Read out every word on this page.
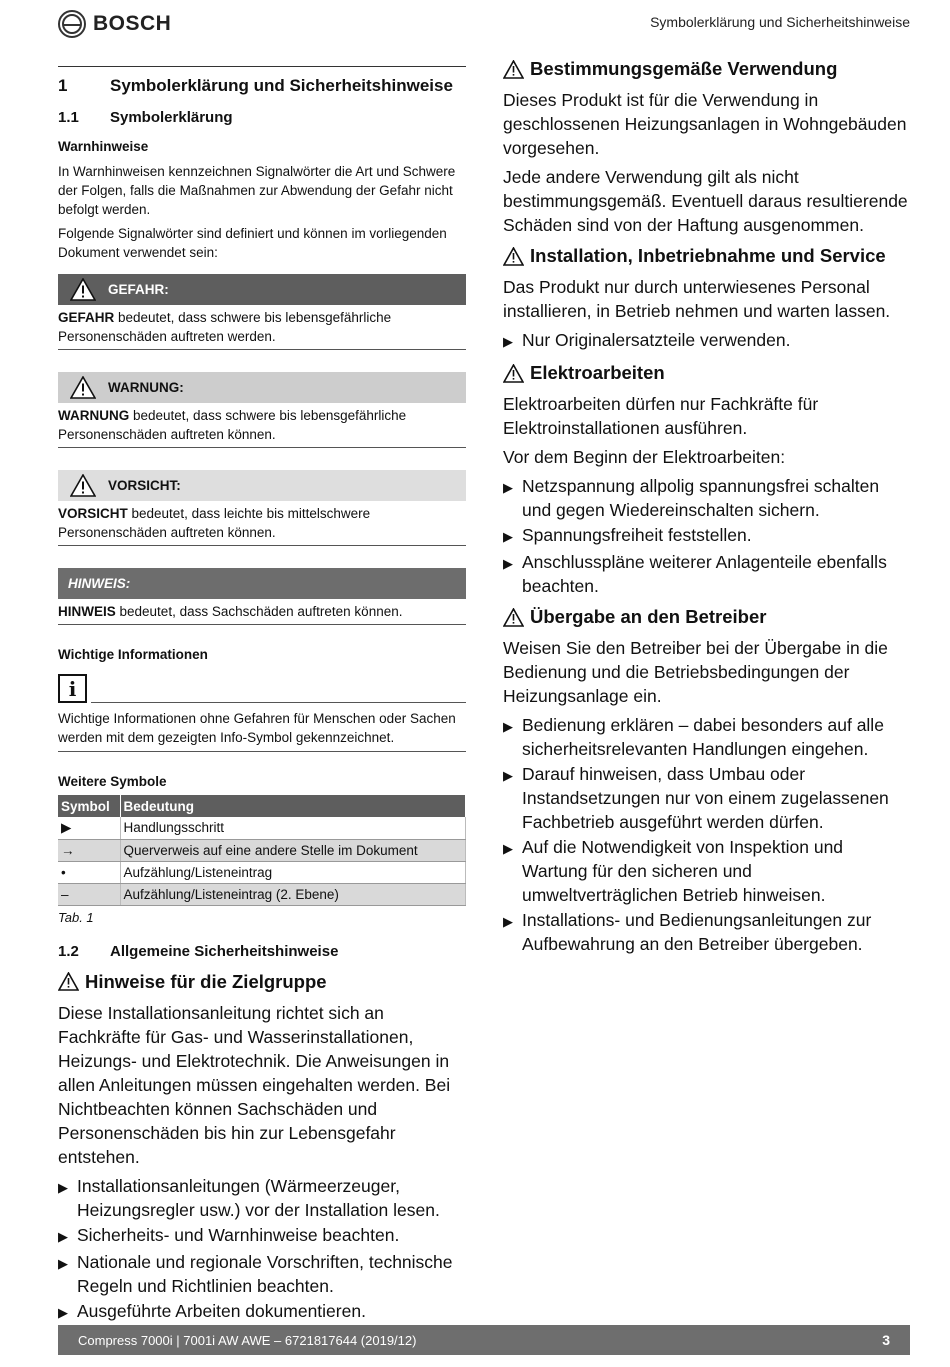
BOSCH	Symbolerklärung und Sicherheitshinweise
1	Symbolerklärung und Sicherheitshinweise
1.1	Symbolerklärung
Warnhinweise

In Warnhinweisen kennzeichnen Signalwörter die Art und Schwere der Folgen, falls die Maßnahmen zur Abwendung der Gefahr nicht befolgt werden.

Folgende Signalwörter sind definiert und können im vorliegenden Dokument verwendet sein:

GEFAHR:
GEFAHR bedeutet, dass schwere bis lebensgefährliche Personenschäden auftreten werden.
WARNUNG:
WARNUNG bedeutet, dass schwere bis lebensgefährliche Personenschäden auftreten können.
VORSICHT:
VORSICHT bedeutet, dass leichte bis mittelschwere Personenschäden auftreten können.
HINWEIS:
HINWEIS bedeutet, dass Sachschäden auftreten können.
Wichtige Informationen
i
Wichtige Informationen ohne Gefahren für Menschen oder Sachen werden mit dem gezeigten Info-Symbol gekennzeichnet.
Weitere Symbole
Symbol	Bedeutung
▶	Handlungsschritt
→	Querverweis auf eine andere Stelle im Dokument
•	Aufzählung/Listeneintrag
–	Aufzählung/Listeneintrag (2. Ebene)
Tab. 1
1.2	Allgemeine Sicherheitshinweise
Hinweise für die Zielgruppe

Diese Installationsanleitung richtet sich an Fachkräfte für Gas- und Wasserinstallationen, Heizungs- und Elektrotechnik. Die Anweisungen in allen Anleitungen müssen eingehalten werden. Bei Nichtbeachten können Sachschäden und Personenschäden bis hin zur Lebensgefahr entstehen.

▶ Installationsanleitungen (Wärmeerzeuger, Heizungsregler usw.) vor der Installation lesen.
▶ Sicherheits- und Warnhinweise beachten.
▶ Nationale und regionale Vorschriften, technische Regeln und Richtlinien beachten.
▶ Ausgeführte Arbeiten dokumentieren.
Bestimmungsgemäße Verwendung

Dieses Produkt ist für die Verwendung in geschlossenen Heizungsanlagen in Wohngebäuden vorgesehen.

Jede andere Verwendung gilt als nicht bestimmungsgemäß. Eventuell daraus resultierende Schäden sind von der Haftung ausgenommen.

Installation, Inbetriebnahme und Service

Das Produkt nur durch unterwiesenes Personal installieren, in Betrieb nehmen und warten lassen.

▶ Nur Originalersatzteile verwenden.
Elektroarbeiten

Elektroarbeiten dürfen nur Fachkräfte für Elektroinstallationen ausführen.

Vor dem Beginn der Elektroarbeiten:

▶ Netzspannung allpolig spannungsfrei schalten und gegen Wiedereinschalten sichern.
▶ Spannungsfreiheit feststellen.
▶ Anschlusspläne weiterer Anlagenteile ebenfalls beachten.
Übergabe an den Betreiber

Weisen Sie den Betreiber bei der Übergabe in die Bedienung und die Betriebsbedingungen der Heizungsanlage ein.

▶ Bedienung erklären – dabei besonders auf alle sicherheitsrelevanten Handlungen eingehen.
▶ Darauf hinweisen, dass Umbau oder Instandsetzungen nur von einem zugelassenen Fachbetrieb ausgeführt werden dürfen.
▶ Auf die Notwendigkeit von Inspektion und Wartung für den sicheren und umweltverträglichen Betrieb hinweisen.
▶ Installations- und Bedienungsanleitungen zur Aufbewahrung an den Betreiber übergeben.
Compress 7000i | 7001i AW AWE – 6721817644 (2019/12)	3
